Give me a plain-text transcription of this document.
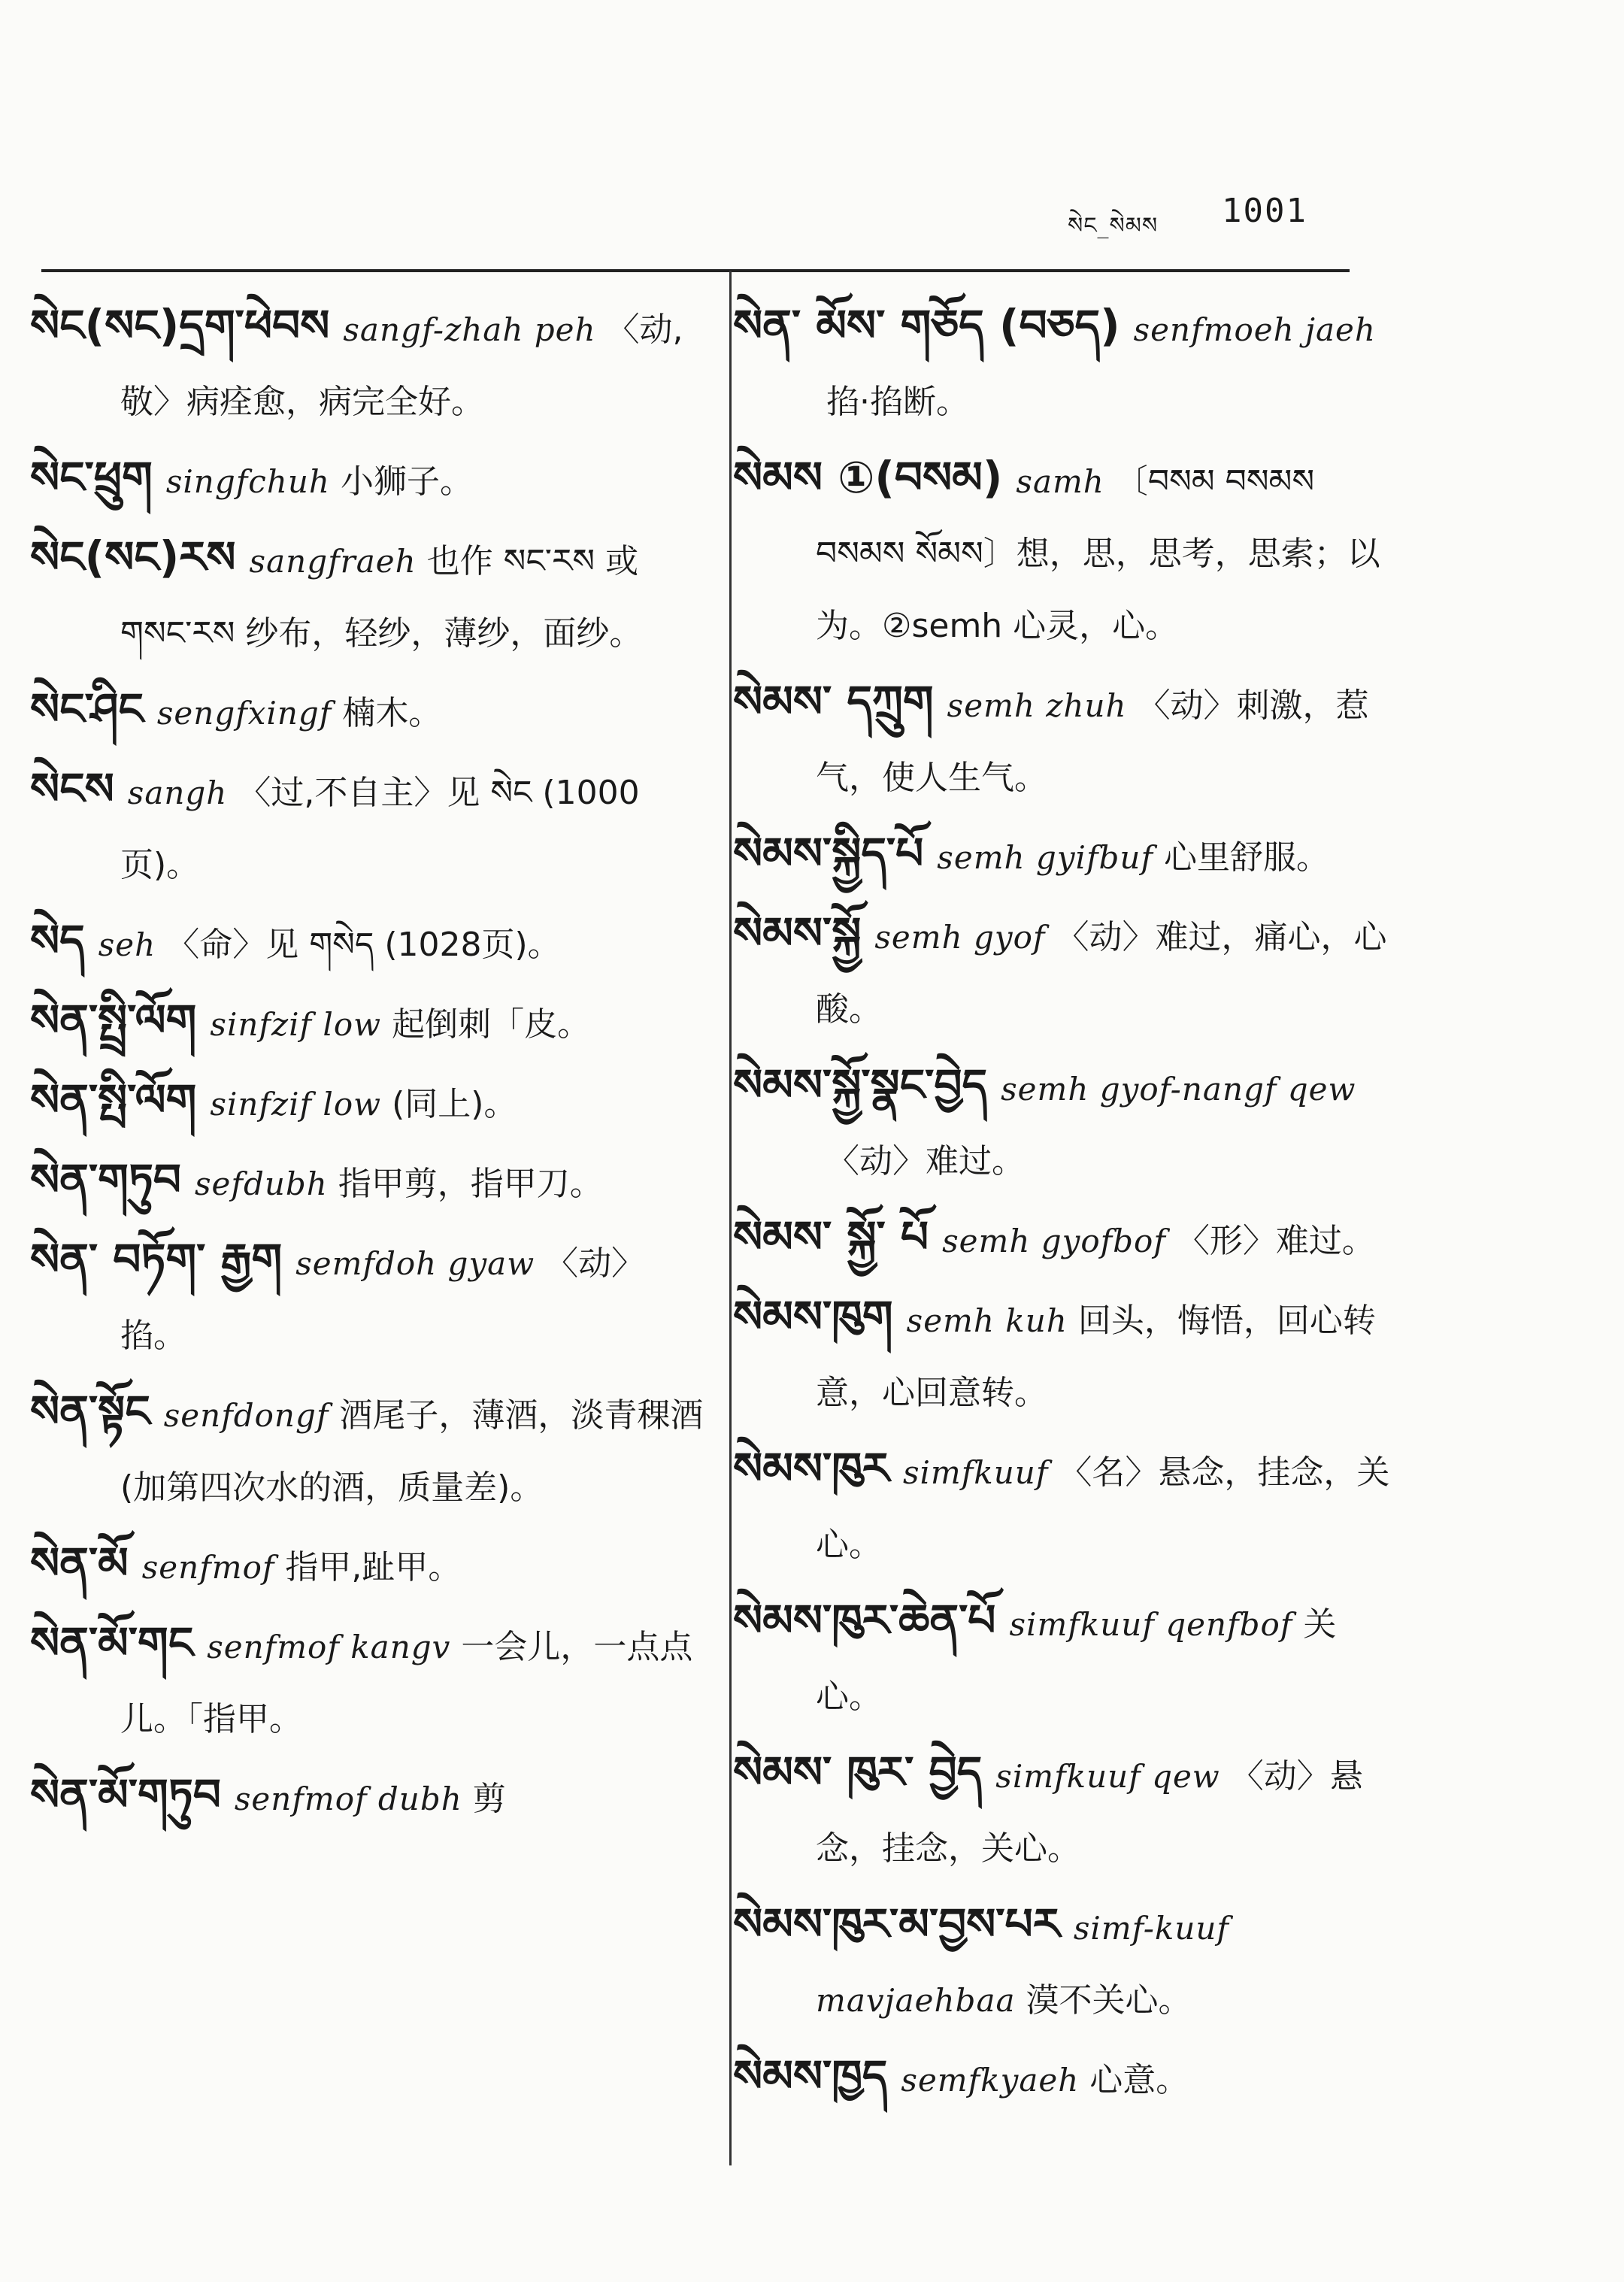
སེང_སེམས 1001
སེང(སང)དྲག་ཕེབས sangf-zhah peh 〈动,敬〉病痊愈，病完全好。
སེང་ཕྲུག singfchuh 小狮子。
སེང(སང)རས sangfraeh 也作 སང་རས 或 གསང་རས 纱布，轻纱，薄纱，面纱。
སེང་ཤིང sengfxingf 楠木。
སེངས sangh 〈过,不自主〉见 སེང (1000页)。
སེད seh 〈命〉见 གསེད (1028页)。
སེན་སྤྲི་ལོག sinfzif low 起倒刺「皮。
སེན་སྤི་ལོག sinfzif low (同上)。
སེན་གཏུབ sefdubh 指甲剪，指甲刀。
སེན་ བཏོག་ རྒྱག semfdoh gyaw 〈动〉掐。
སེན་སྟོང senfdongf 酒尾子，薄酒，淡青稞酒(加第四次水的酒，质量差)。
སེན་མོ senfmof 指甲,趾甲。
སེན་མོ་གང senfmof kangv 一会儿，一点点儿。「指甲。
སེན་མོ་གཏུབ senfmof dubh 剪
སེན་ མོས་ གཅོད (བཅད) senfmoeh jaeh掐·掐断。
སེམས ①(བསམ) samh 〔བསམ བསམས བསམས སོམས〕想，思，思考，思索；以为。②semh 心灵，心。
སེམས་ དཀྲུག semh zhuh 〈动〉刺激，惹气，使人生气。
སེམས་སྐྱིད་པོ semh gyifbuf 心里舒服。
སེམས་སྐྱོ semh gyof 〈动〉难过，痛心，心酸。
སེམས་སྐྱོ་སྣང་བྱེད semh gyof-nangf qew〈动〉难过。
སེམས་ སྐྱོ་ པོ semh gyofbof 〈形〉难过。
སེམས་ཁུག semh kuh 回头，悔悟，回心转意，心回意转。
སེམས་ཁུར simfkuuf 〈名〉悬念，挂念，关心。
སེམས་ཁུར་ཆེན་པོ simfkuuf qenfbof 关心。
སེམས་ ཁུར་ བྱེད simfkuuf qew 〈动〉悬念，挂念，关心。
སེམས་ཁུར་མ་བྱས་པར simf-kuuf mavjaehbaa 漠不关心。
སེམས་ཁྱད semfkyaeh 心意。
